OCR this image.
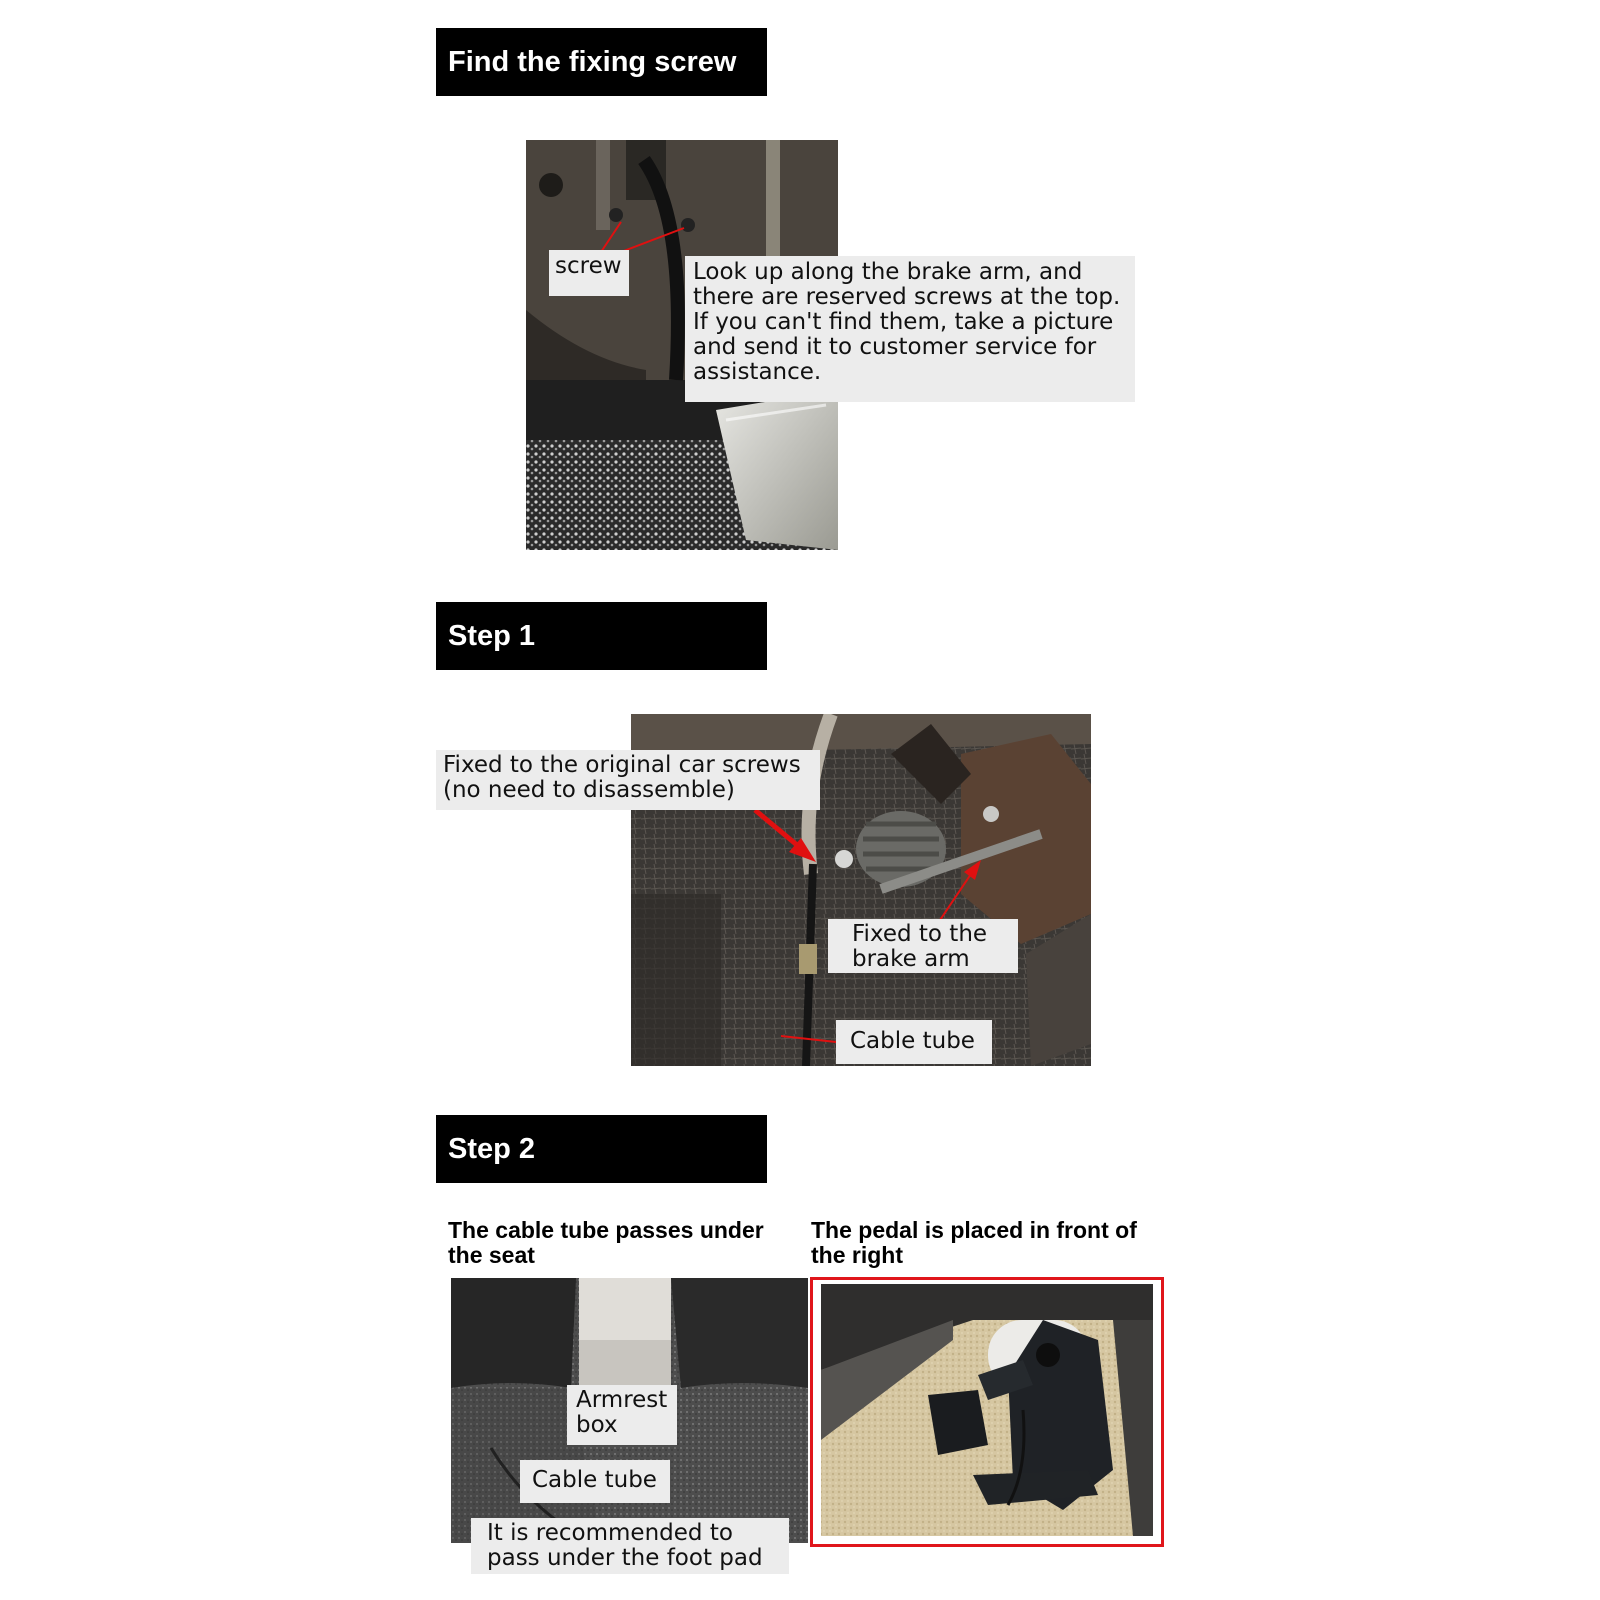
Find the fixing screw
screw	Look up along the brake arm, and
there are reserved screws at the top.
If you can't find them, take a picture
and send it to customer service for
assistance.
Step 1
Fixed to the original car screws
(no need to disassemble)
Fixed to the
brake arm
Cable tube
Step 2
The cable tube passes under
the seat
The pedal is placed in front of
the right
Armrest
box
Cable tube
It is recommended to
pass under the foot pad
